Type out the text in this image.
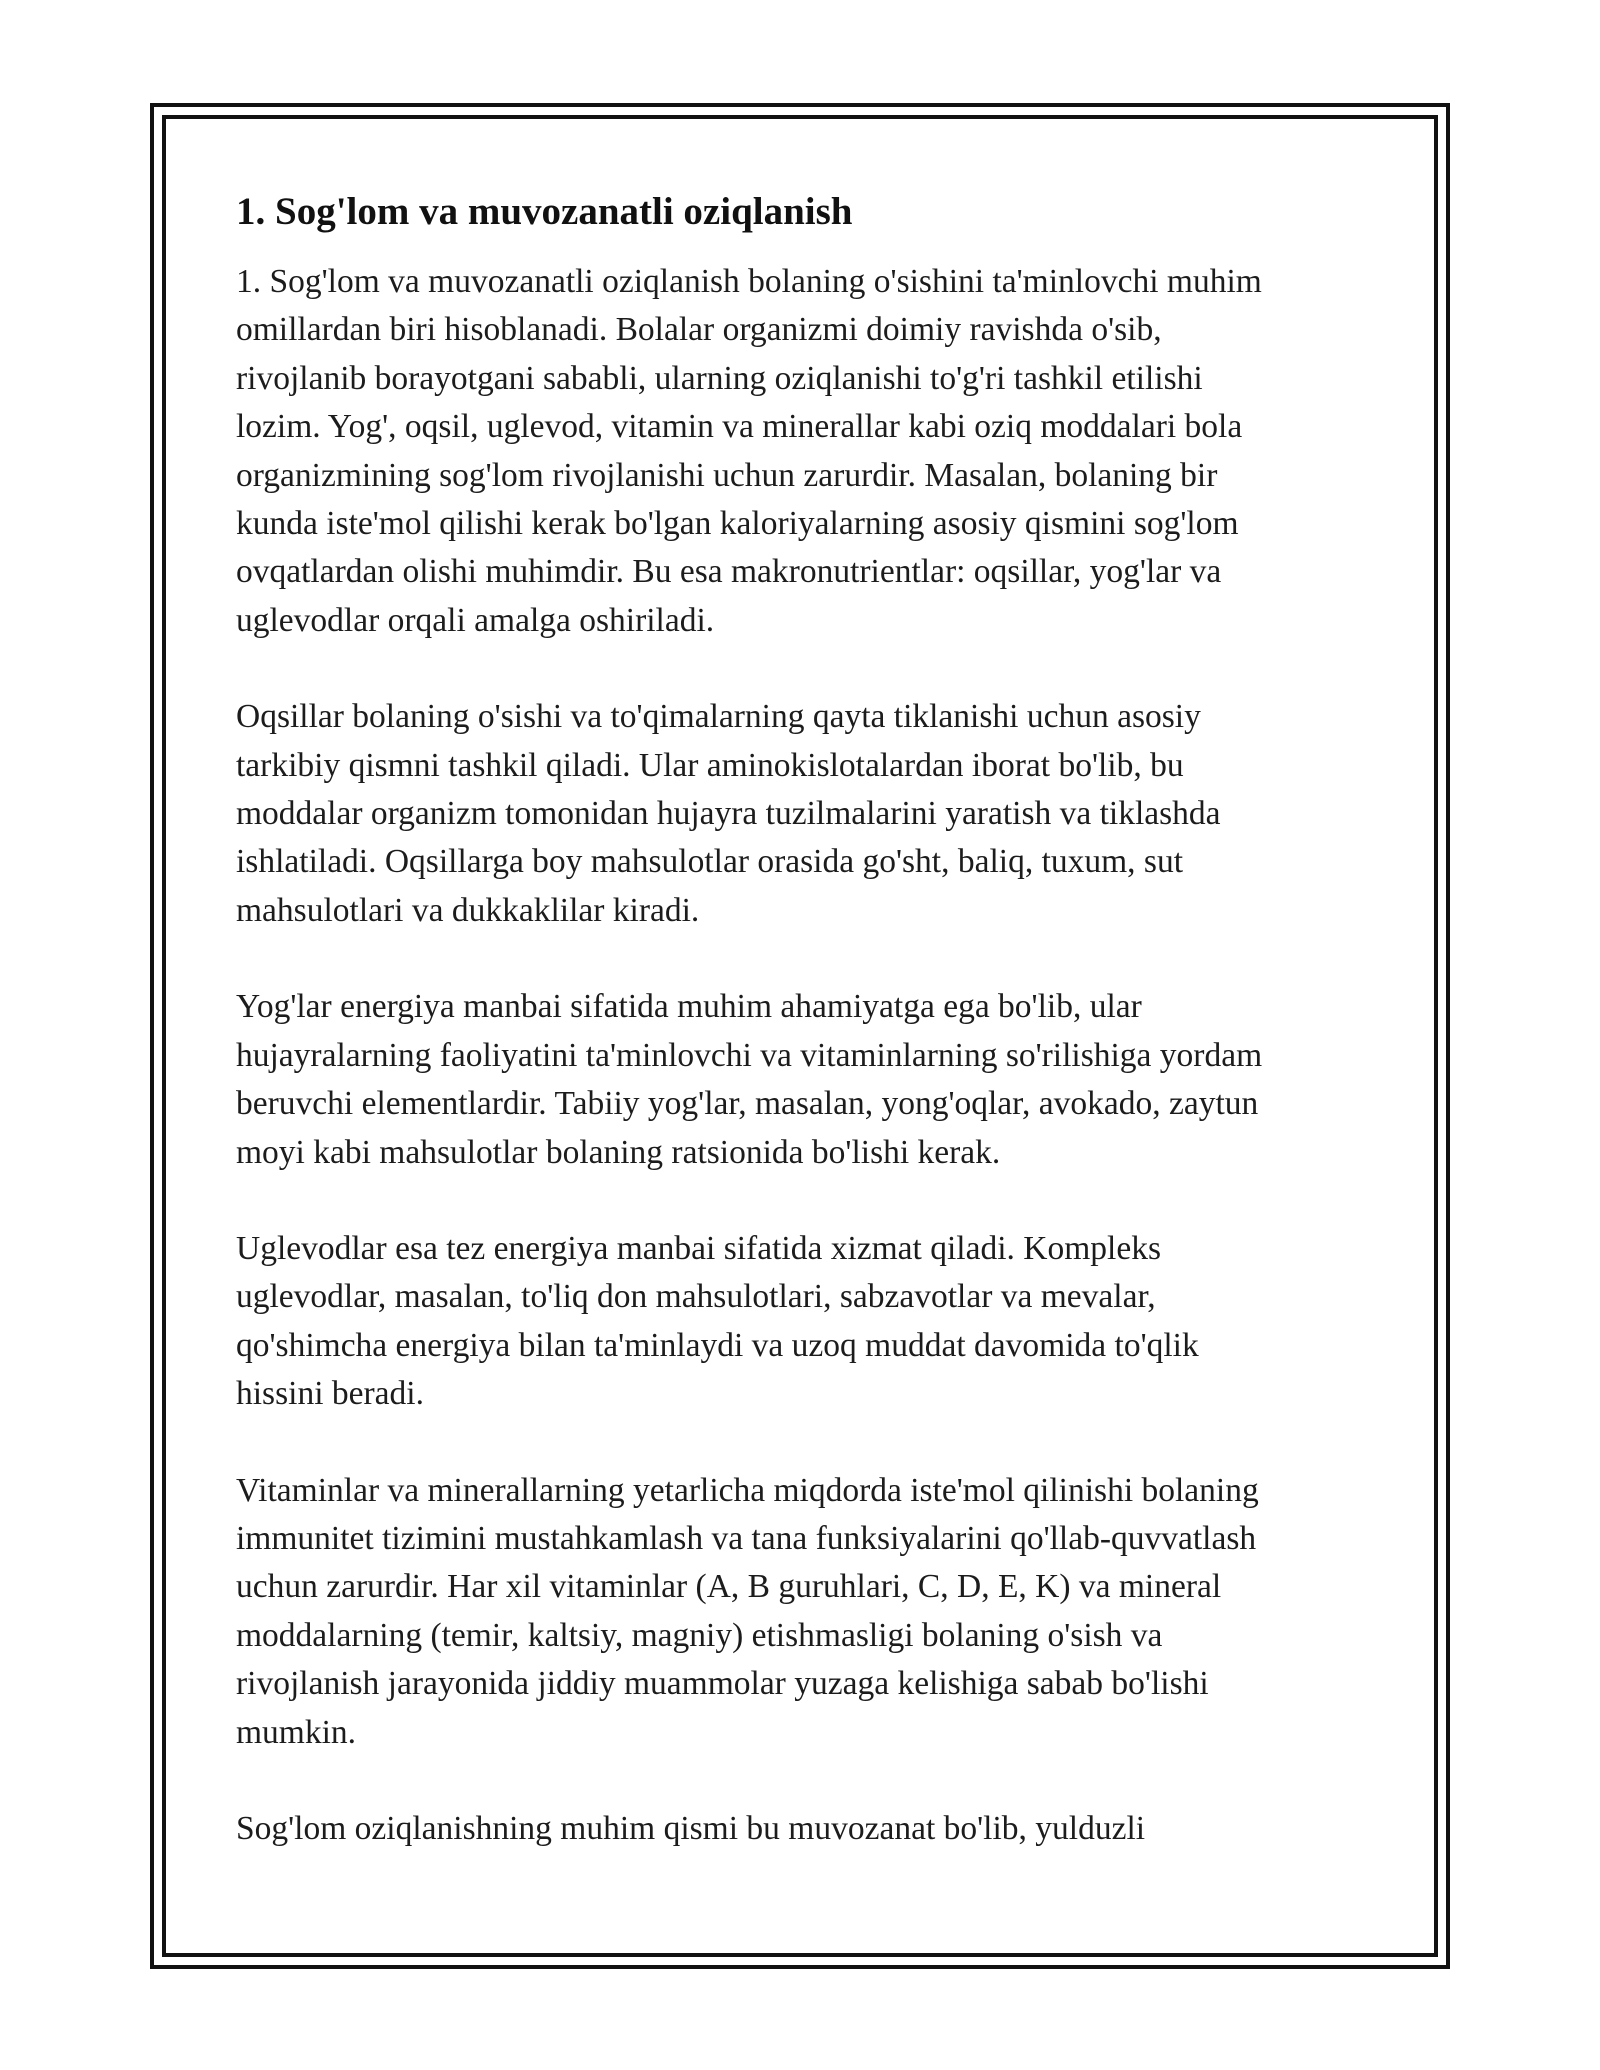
1. Sog'lom va muvozanatli oziqlanish
1. Sog'lom va muvozanatli oziqlanish bolaning o'sishini ta'minlovchi muhim
omillardan biri hisoblanadi. Bolalar organizmi doimiy ravishda o'sib,
rivojlanib borayotgani sababli, ularning oziqlanishi to'g'ri tashkil etilishi
lozim. Yog', oqsil, uglevod, vitamin va minerallar kabi oziq moddalari bola
organizmining sog'lom rivojlanishi uchun zarurdir. Masalan, bolaning bir
kunda iste'mol qilishi kerak bo'lgan kaloriyalarning asosiy qismini sog'lom
ovqatlardan olishi muhimdir. Bu esa makronutrientlar: oqsillar, yog'lar va
uglevodlar orqali amalga oshiriladi.
Oqsillar bolaning o'sishi va to'qimalarning qayta tiklanishi uchun asosiy
tarkibiy qismni tashkil qiladi. Ular aminokislotalardan iborat bo'lib, bu
moddalar organizm tomonidan hujayra tuzilmalarini yaratish va tiklashda
ishlatiladi. Oqsillarga boy mahsulotlar orasida go'sht, baliq, tuxum, sut
mahsulotlari va dukkaklilar kiradi.
Yog'lar energiya manbai sifatida muhim ahamiyatga ega bo'lib, ular
hujayralarning faoliyatini ta'minlovchi va vitaminlarning so'rilishiga yordam
beruvchi elementlardir. Tabiiy yog'lar, masalan, yong'oqlar, avokado, zaytun
moyi kabi mahsulotlar bolaning ratsionida bo'lishi kerak.
Uglevodlar esa tez energiya manbai sifatida xizmat qiladi. Kompleks
uglevodlar, masalan, to'liq don mahsulotlari, sabzavotlar va mevalar,
qo'shimcha energiya bilan ta'minlaydi va uzoq muddat davomida to'qlik
hissini beradi.
Vitaminlar va minerallarning yetarlicha miqdorda iste'mol qilinishi bolaning
immunitet tizimini mustahkamlash va tana funksiyalarini qo'llab-quvvatlash
uchun zarurdir. Har xil vitaminlar (A, B guruhlari, C, D, E, K) va mineral
moddalarning (temir, kaltsiy, magniy) etishmasligi bolaning o'sish va
rivojlanish jarayonida jiddiy muammolar yuzaga kelishiga sabab bo'lishi
mumkin.
Sog'lom oziqlanishning muhim qismi bu muvozanat bo'lib, yulduzli
